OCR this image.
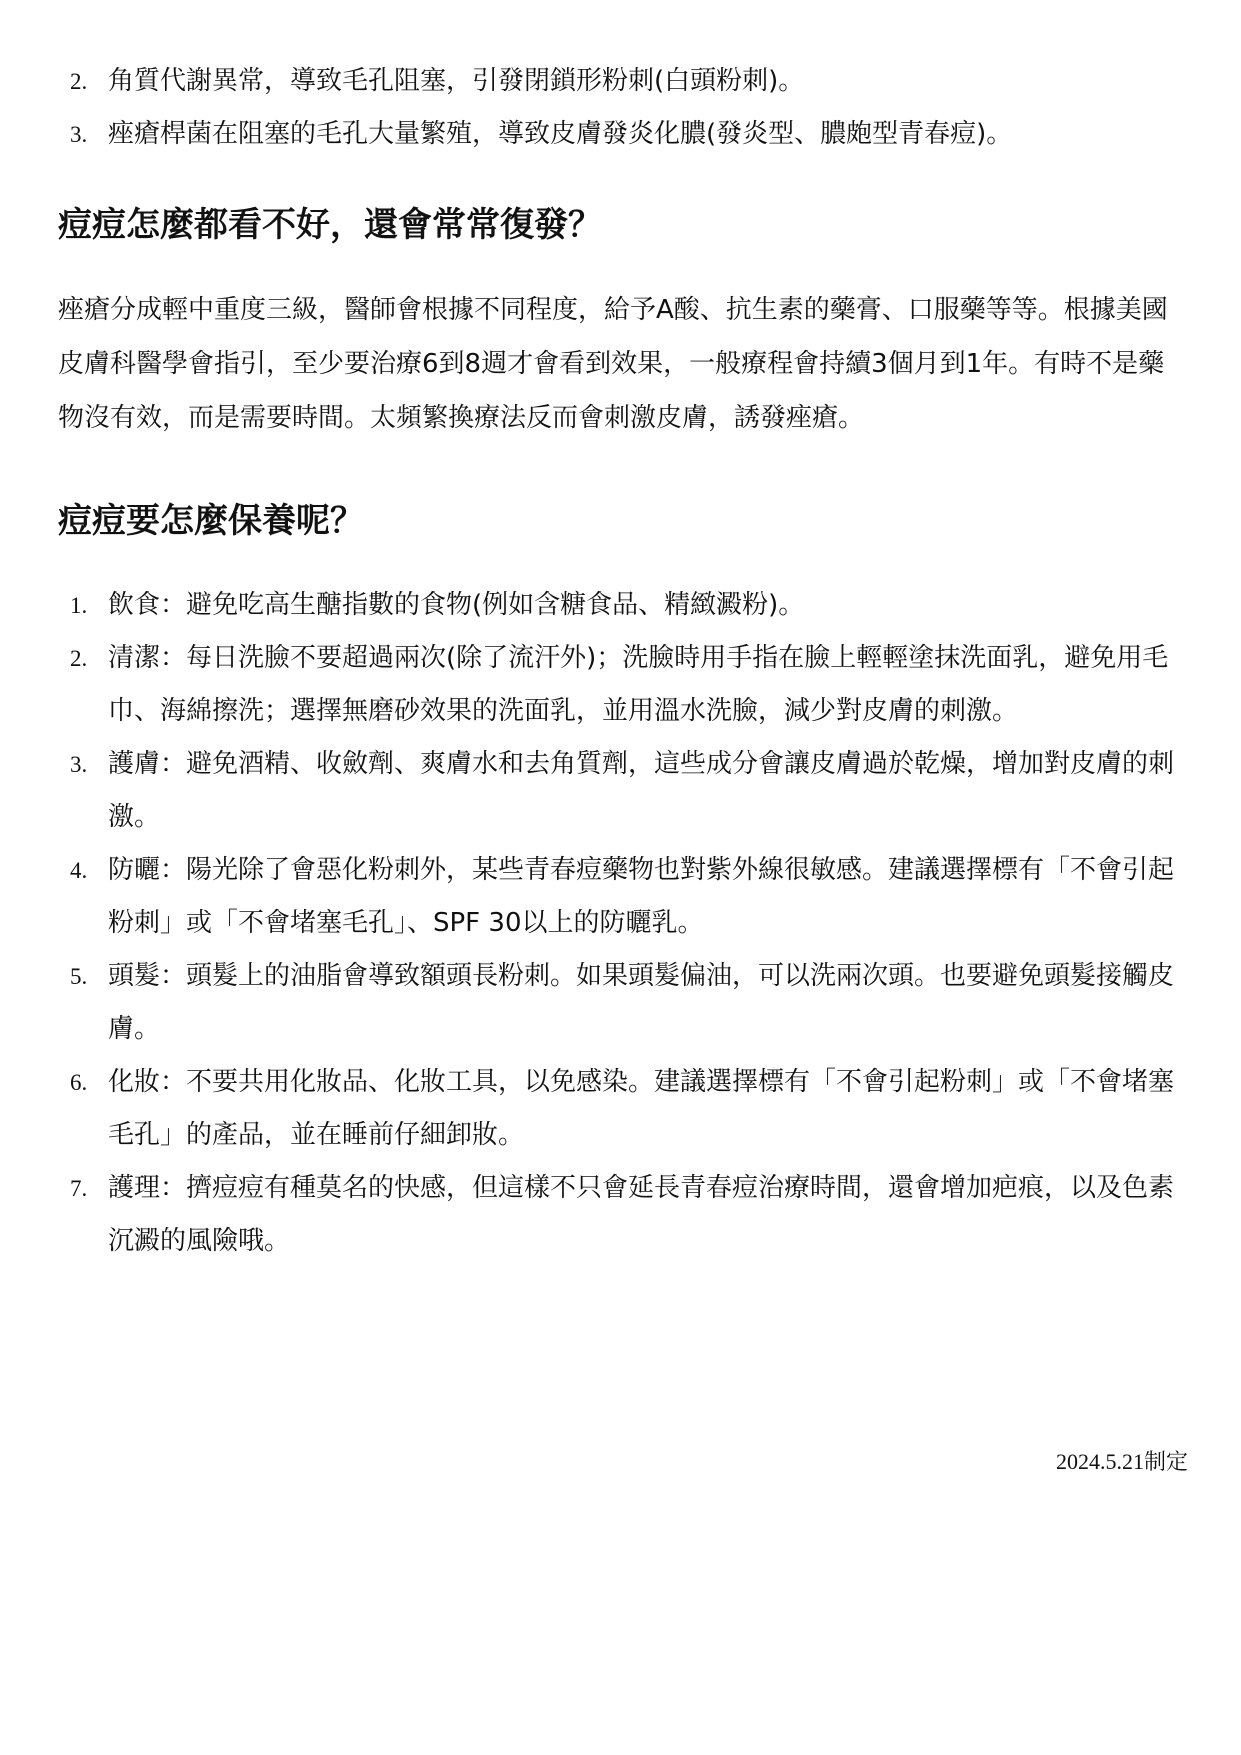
2. 角質代謝異常，導致毛孔阻塞，引發閉鎖形粉刺(白頭粉刺)。
3. 痤瘡桿菌在阻塞的毛孔大量繁殖，導致皮膚發炎化膿(發炎型、膿皰型青春痘)。
痘痘怎麼都看不好，還會常常復發？

痤瘡分成輕中重度三級，醫師會根據不同程度，給予A酸、抗生素的藥膏、口服藥等等。根據美國皮膚科醫學會指引，至少要治療6到8週才會看到效果，一般療程會持續3個月到1年。有時不是藥物沒有效，而是需要時間。太頻繁換療法反而會刺激皮膚，誘發痤瘡。

痘痘要怎麼保養呢？
1. 飲食：避免吃高生醣指數的食物(例如含糖食品、精緻澱粉)。
2. 清潔：每日洗臉不要超過兩次(除了流汗外)；洗臉時用手指在臉上輕輕塗抹洗面乳，避免用毛巾、海綿擦洗；選擇無磨砂效果的洗面乳，並用溫水洗臉，減少對皮膚的刺激。
3. 護膚：避免酒精、收斂劑、爽膚水和去角質劑，這些成分會讓皮膚過於乾燥，增加對皮膚的刺激。
4. 防曬：陽光除了會惡化粉刺外，某些青春痘藥物也對紫外線很敏感。建議選擇標有「不會引起粉刺」或「不會堵塞毛孔」、SPF 30以上的防曬乳。
5. 頭髮：頭髮上的油脂會導致額頭長粉刺。如果頭髮偏油，可以洗兩次頭。也要避免頭髮接觸皮膚。
6. 化妝：不要共用化妝品、化妝工具，以免感染。建議選擇標有「不會引起粉刺」或「不會堵塞毛孔」的產品，並在睡前仔細卸妝。
7. 護理：擠痘痘有種莫名的快感，但這樣不只會延長青春痘治療時間，還會增加疤痕，以及色素沉澱的風險哦。
2024.5.21制定
